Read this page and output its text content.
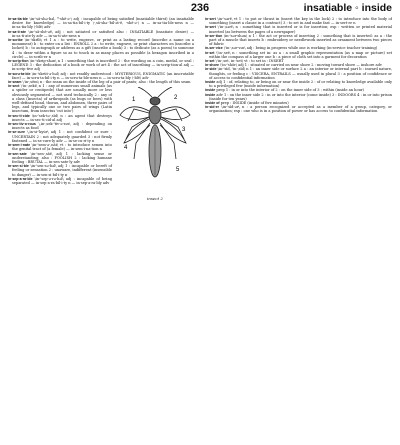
236	insatiable ◦ inside

in·sa·tia·ble \in-'sā-shə-bəl, *-shē-ə-\ adj : incapable of being satisfied (insatiable thirst) (an insatiable desire for knowledge) — in·sa·tia·bil·i·ty \-ˌsā-shə-'bil-ət-ē, -shē-ə-\ n — in·sa·tia·ble·ness n — in·sa·tia·bly \-blē\ adv

in·sa·ti·ate \in-'sā-shē-ət\ adj : not satiated or satisfied also : INSATIABLE (insatiate desire) — in·sa·ti·ate·ly adv — in·sa·ti·ate·ness n

in·scribe \in-'skrīb\ vt 1 a : to write, engrave, or print as a lasting record (inscribe a name on a monument) b : to enter on a list : ENROLL 2 a : to write, engrave, or print characters on (inscribe a locket) b : to autograph or address as a gift (inscribe a book) 3 : to dedicate (as a poem) to someone 4 : to draw within a figure so as to touch in as many places as possible (a hexagon inscribed in a circle) — in·scrib·er n

in·scrip·tion \in-'skrip-shən\ n 1 : something that is inscribed 2 : the wording on a coin, medal, or seal : LEGEND 3 : the dedication of a book or work of art 4 : the act of inscribing — in·scrip·tion·al adj — in·scrip·tive adj

in·scru·ta·ble \in-'skrüt-ə-bəl\ adj : not readily understood : MYSTERIOUS, ENIGMATIC (an inscrutable face) — in·scru·ta·bil·i·ty n — in·scru·ta·ble·ness n — in·scru·ta·bly \-blē\ adv

in·seam \'in-ˌsēm\ n : the seam on the inside of the leg of a pair of pants; also : the length of this seam

1	2
3
4
5
insect 2

in·sect \'in-ˌsekt\ n 1 : any of numerous small animals (as a spider or centipede) that are usually more or less obviously segmented — not used technically 2 : any of a class (Insecta) of arthropods (as bugs or bees) with well-defined head, thorax, and abdomen, three pairs of legs, and typically one or two pairs of wings (Latin insectum, from insectus 'cut into')

in·sec·ti·cide \in-'sek-tə-ˌsīd\ n : an agent that destroys insects — in·sec·ti·cid·al adj

in·sec·tiv·o·rous \ˌin-ˌsek-'tiv-ə-rəs\ adj : depending on insects as food

in·se·cure \ˌin-si-'kyu̇r\ adj 1 : not confident or sure : UNCERTAIN 2 : not adequately guarded 3 : not firmly fastened — in·se·cure·ly adv — in·se·cu·ri·ty n

in·sem·i·nate \in-'sem-ə-ˌnāt\ vt : to introduce semen into the genital tract of (a female) — in·sem·i·na·tion n

in·sen·sate \in-'sen-ˌsāt\ adj 1 : lacking sense or understanding; also : FOOLISH 2 : lacking humane feeling : BRUTAL — in·sen·sate·ly adv

in·sen·si·ble \in-'sen-sə-bəl\ adj 1 : incapable or bereft of feeling or sensation 2 : unaware, indifferent (insensible to danger) — in·sen·si·bil·i·ty n

in·sep·a·ra·ble \in-'sep-ə-rə-bəl\ adj : incapable of being separated — in·sep·a·ra·bil·i·ty n — in·sep·a·ra·bly adv

in·sert \in-'sərt\ vt 1 : to put or thrust in (insert the key in the lock) 2 : to introduce into the body of something (insert a clause in a contract) 3 : to set in and make fast — in·sert·er n

in·sert \'in-ˌsərt\ n : something that is inserted or is for insertion; esp : written or printed material inserted (as between the pages of a newspaper)

in·ser·tion \in-'sər-shən\ n 1 : the act or process of inserting 2 : something that is inserted: as a : the part of a muscle that inserts b : embroidery or needlework inserted as ornament between two pieces of fabric

in-ser·vice \'in-ˌsər-vəs\ adj : being in progress while one is working (in-service teacher training)

in·set \'in-ˌset\ n : something set in: as a : a small graphic representation (as a map or picture) set within the compass of a larger one b : a piece of cloth set into a garment for decoration

in·set \'in-ˌset, in-'set\ vt : to set in : INSERT

in·shore \'in-'shōr\ adj 1 : situated or carried on near shore 2 : moving toward shore — inshore adv

in·side \in-'sīd, 'in-ˌsīd\ n 1 : an inner side or surface 2 a : an interior or internal part b : inward nature, thoughts, or feeling c : VISCERA, ENTRAILS — usually used in plural 3 : a position of confidence or of access to confidential information

inside adj 1 : of, relating to, or being on or near the inside 2 : of or relating to knowledge available only to a privileged few (inside information)

inside prep 1 : in or into the interior of 2 : on the inner side of 3 : within (inside an hour)

inside adv 1 : on the inner side 2 : in or into the interior (come inside) 3 : INDOORS 4 : in or into prison (inside for ten years)

inside of prep : INSIDE (inside of five minutes)

in·sid·er \in-'sīd-ər\ n : a person recognized or accepted as a member of a group, category, or organization; esp : one who is in a position of power or has access to confidential information
